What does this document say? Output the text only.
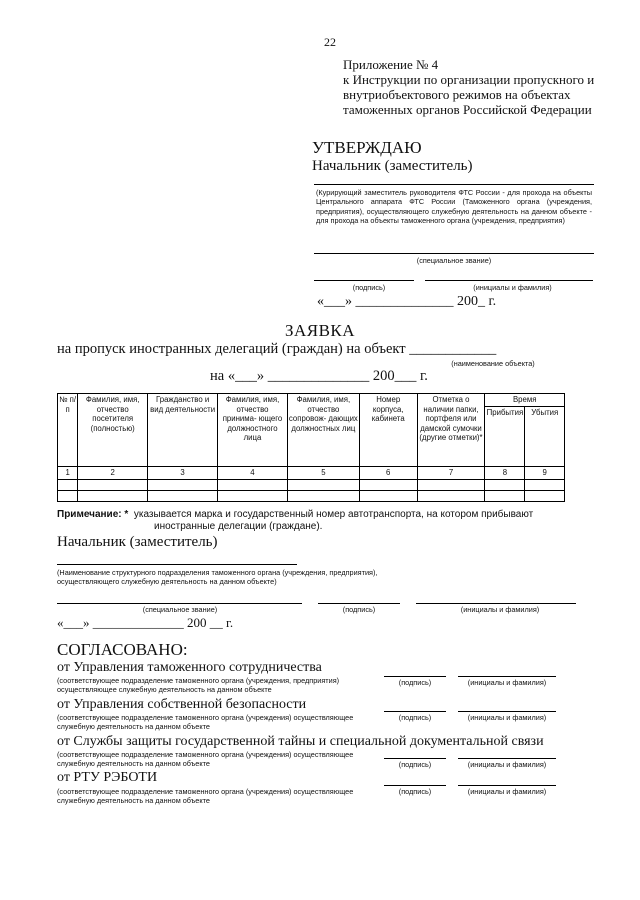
22
Приложение № 4
к Инструкции по организации пропускного и внутриобъектового режимов на объектах таможенных органов Российской Федерации
УТВЕРЖДАЮ
Начальник (заместитель)
(Курирующий заместитель руководителя ФТС России - для прохода на объекты Центрального аппарата ФТС России (Таможенного органа (учреждения, предприятия), осуществляющего служебную деятельность на данном объекте - для прохода на объекты таможенного органа (учреждения, предприятия)
(специальное звание)
(подпись)	(инициалы и фамилия)
«___» ______________ 200_ г.
ЗАЯВКА
на пропуск иностранных делегаций (граждан) на объект ____________
(наименование объекта)
на «___» ______________ 200___ г.
№ п/п	Фамилия, имя, отчество посетителя (полностью)	Гражданство и вид деятельности	Фамилия, имя, отчество принима- ющего должностного лица	Фамилия, имя, отчество сопровож- дающих должностных лиц	Номер корпуса, кабинета	Отметка о наличии папки, портфеля или дамской сумочки (другие отметки)*	Время	
							Прибытия	Убытия
1	2	3	4	5	6	7	8	9

Примечание: * указывается марка и государственный номер автотранспорта, на котором прибывают
иностранные делегации (граждане).
Начальник (заместитель)
(Наименование структурного подразделения таможенного органа (учреждения, предприятия), осуществляющего служебную деятельность на данном объекте)
(специальное звание)	(подпись)	(инициалы и фамилия)
«___» ______________ 200 __ г.
СОГЛАСОВАНО:
от Управления таможенного сотрудничества
(соответствующее подразделение таможенного органа (учреждения, предприятия) осуществляющее служебную деятельность на данном объекте
(подпись)	(инициалы и фамилия)
от Управления собственной безопасности
(соответствующее подразделение таможенного органа (учреждения) осуществляющее служебную деятельность на данном объекте
(подпись)	(инициалы и фамилия)
от Службы защиты государственной тайны и специальной документальной связи
(соответствующее подразделение таможенного органа (учреждения) осуществляющее служебную деятельность на данном объекте	(подпись)	(инициалы и фамилия)
от РТУ РЭБОТИ
(соответствующее подразделение таможенного органа (учреждения) осуществляющее служебную деятельность на данном объекте
(подпись)	(инициалы и фамилия)
